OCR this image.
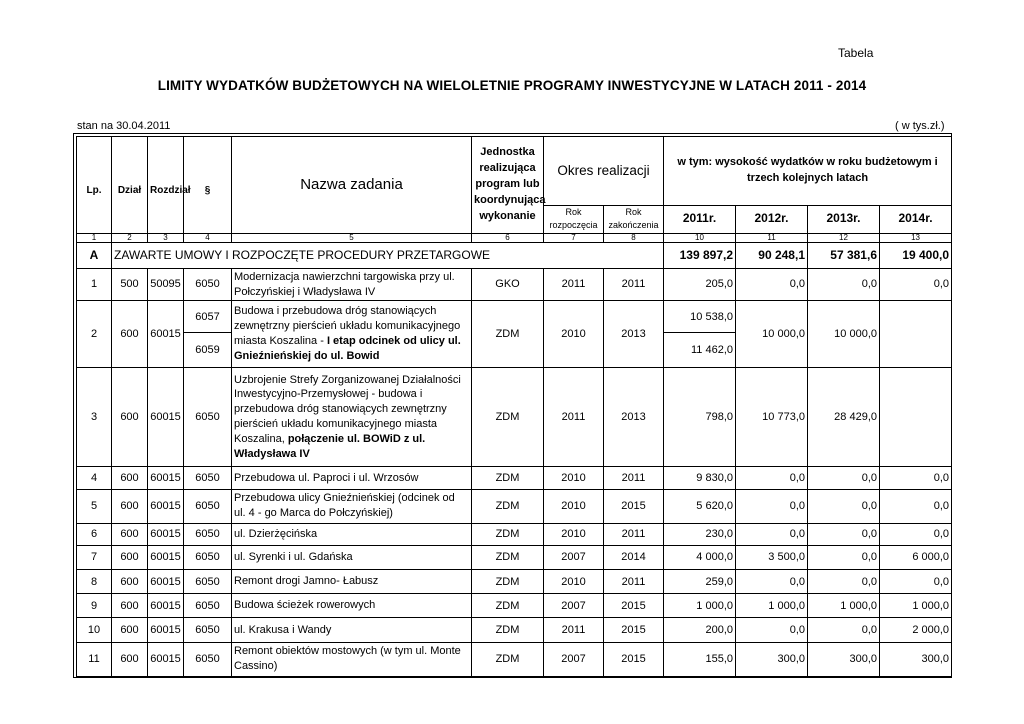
Tabela
LIMITY WYDATKÓW BUDŻETOWYCH NA WIELOLETNIE PROGRAMY INWESTYCYJNE W LATACH 2011 - 2014
stan na 30.04.2011	( w tys.zł.)
Lp.	Dział	Rozdział	§	Nazwa zadania	Jednostka realizująca program lub koordynująca wykonanie	Okres realizacji		w tym: wysokość wydatków w roku budżetowym i trzech kolejnych latach			
						Rok rozpoczęcia	Rok zakończenia	2011r.	2012r.	2013r.	2014r.
1	2	3	4	5	6	7	8	10	11	12	13
A	ZAWARTE UMOWY I ROZPOCZĘTE PROCEDURY PRZETARGOWE							139 897,2	90 248,1	57 381,6	19 400,0
1	500	50095	6050	Modernizacja nawierzchni targowiska przy ul. Połczyńskiej i Władysława IV	GKO	2011	2011	205,0	0,0	0,0	0,0
2	600	60015	6057	Budowa i przebudowa dróg stanowiących zewnętrzny pierścień układu komunikacyjnego miasta Koszalina - I etap odcinek od ulicy ul. Gnieźnieńskiej do ul. Bowid	ZDM	2010	2013	10 538,0	10 000,0	10 000,0	
			6059					11 462,0			
3	600	60015	6050	Uzbrojenie Strefy Zorganizowanej Działalności Inwestycyjno-Przemysłowej - budowa i przebudowa dróg stanowiących zewnętrzny pierścień układu komunikacyjnego miasta Koszalina, połączenie ul. BOWiD z ul. Władysława IV	ZDM	2011	2013	798,0	10 773,0	28 429,0	
4	600	60015	6050	Przebudowa ul. Paproci i ul. Wrzosów	ZDM	2010	2011	9 830,0	0,0	0,0	0,0
5	600	60015	6050	Przebudowa ulicy Gnieźnieńskiej (odcinek od ul. 4 - go Marca do Połczyńskiej)	ZDM	2010	2015	5 620,0	0,0	0,0	0,0
6	600	60015	6050	ul. Dzierżęcińska	ZDM	2010	2011	230,0	0,0	0,0	0,0
7	600	60015	6050	ul. Syrenki i ul. Gdańska	ZDM	2007	2014	4 000,0	3 500,0	0,0	6 000,0
8	600	60015	6050	Remont drogi Jamno- Łabusz	ZDM	2010	2011	259,0	0,0	0,0	0,0
9	600	60015	6050	Budowa ścieżek rowerowych	ZDM	2007	2015	1 000,0	1 000,0	1 000,0	1 000,0
10	600	60015	6050	ul. Krakusa i Wandy	ZDM	2011	2015	200,0	0,0	0,0	2 000,0
11	600	60015	6050	Remont obiektów mostowych (w tym ul. Monte Cassino)	ZDM	2007	2015	155,0	300,0	300,0	300,0
